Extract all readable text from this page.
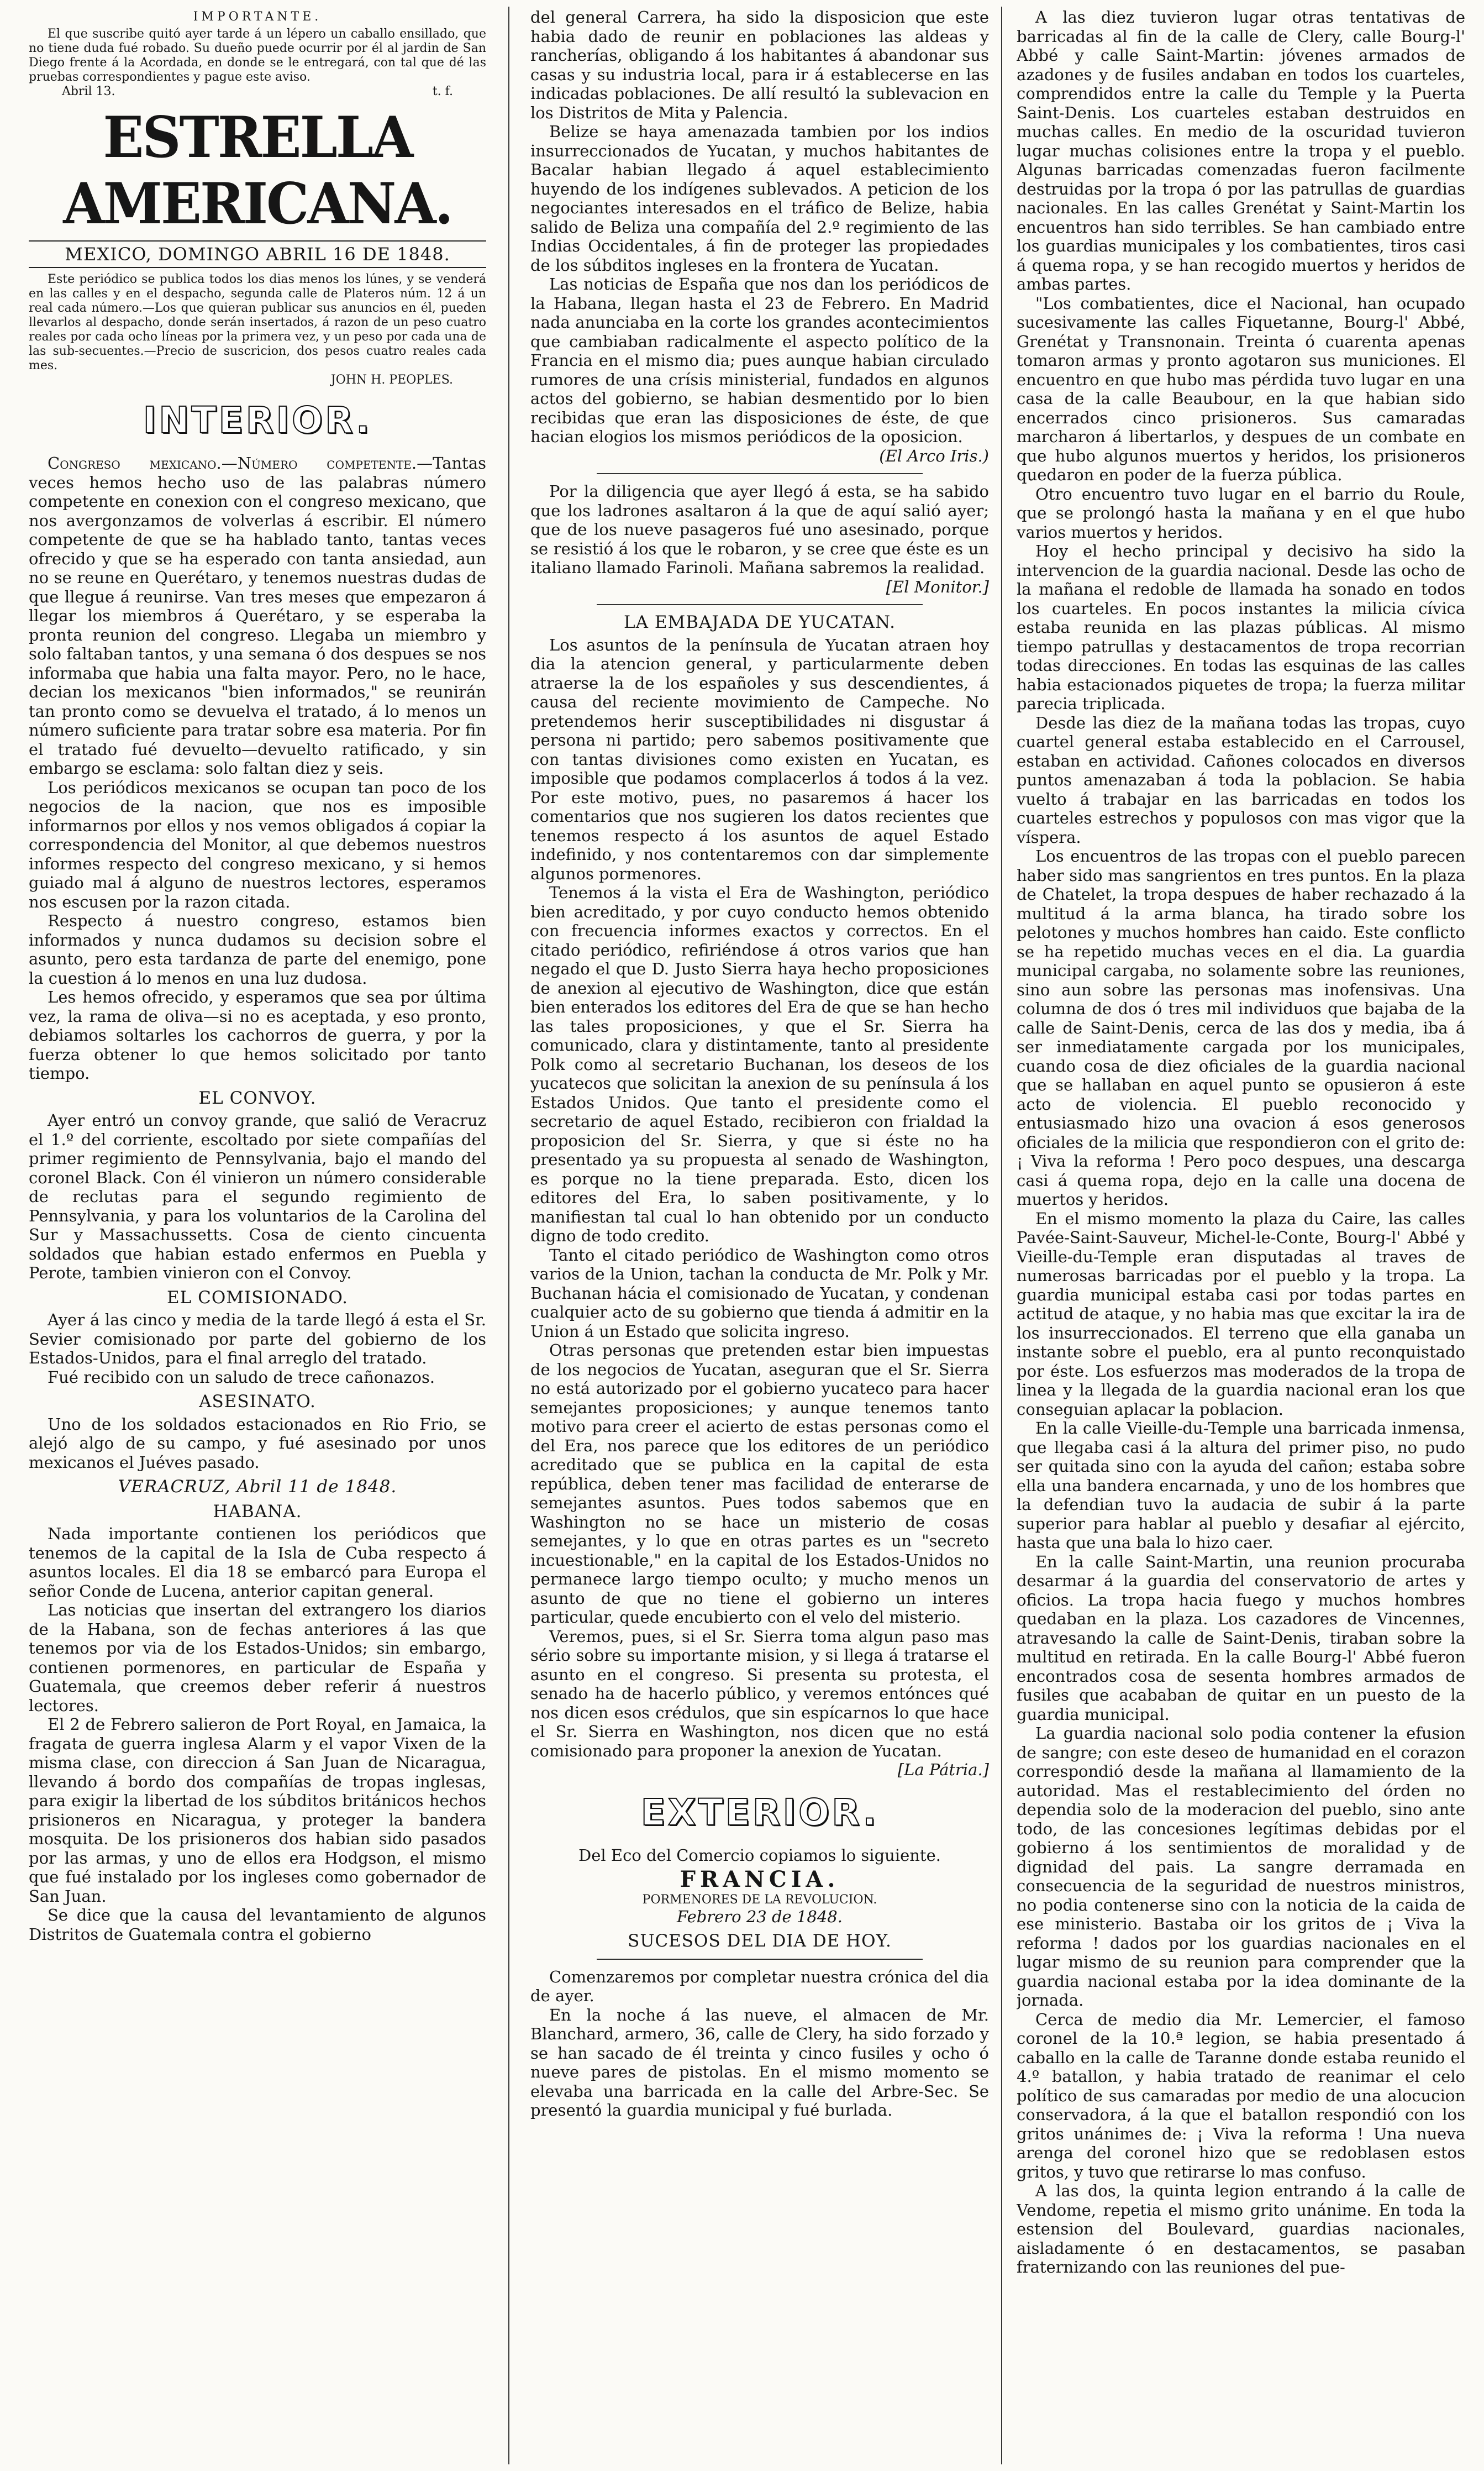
IMPORTANTE.

El que suscribe quitó ayer tarde á un lépero un caballo ensillado, que no tiene duda fué robado. Su dueño puede ocurrir por él al jardin de San Diego frente á la Acordada, en donde se le entregará, con tal que dé las pruebas correspondientes y pague este aviso.

Abril 13.	t. f.
ESTRELLA AMERICANA.
MEXICO, DOMINGO ABRIL 16 DE 1848.

Este periódico se publica todos los dias menos los lúnes, y se venderá en las calles y en el despacho, segunda calle de Plateros núm. 12 á un real cada número.—Los que quieran publicar sus anuncios en él, pueden llevarlos al despacho, donde serán insertados, á razon de un peso cuatro reales por cada ocho líneas por la primera vez, y un peso por cada una de las sub-secuentes.—Precio de suscricion, dos pesos cuatro reales cada mes.

JOHN H. PEOPLES.
INTERIOR.

Congreso mexicano.—Número competente.—Tantas veces hemos hecho uso de las palabras número competente en conexion con el congreso mexicano, que nos avergonzamos de volverlas á escribir. El número competente de que se ha hablado tanto, tantas veces ofrecido y que se ha esperado con tanta ansiedad, aun no se reune en Querétaro, y tenemos nuestras dudas de que llegue á reunirse. Van tres meses que empezaron á llegar los miembros á Querétaro, y se esperaba la pronta reunion del congreso. Llegaba un miembro y solo faltaban tantos, y una semana ó dos despues se nos informaba que habia una falta mayor. Pero, no le hace, decian los mexicanos "bien informados," se reunirán tan pronto como se devuelva el tratado, á lo menos un número suficiente para tratar sobre esa materia. Por fin el tratado fué devuelto—devuelto ratificado, y sin embargo se esclama: solo faltan diez y seis.

Los periódicos mexicanos se ocupan tan poco de los negocios de la nacion, que nos es imposible informarnos por ellos y nos vemos obligados á copiar la correspondencia del Monitor, al que debemos nuestros informes respecto del congreso mexicano, y si hemos guiado mal á alguno de nuestros lectores, esperamos nos escusen por la razon citada.

Respecto á nuestro congreso, estamos bien informados y nunca dudamos su decision sobre el asunto, pero esta tardanza de parte del enemigo, pone la cuestion á lo menos en una luz dudosa.

Les hemos ofrecido, y esperamos que sea por última vez, la rama de oliva—si no es aceptada, y eso pronto, debiamos soltarles los cachorros de guerra, y por la fuerza obtener lo que hemos solicitado por tanto tiempo.

EL CONVOY.

Ayer entró un convoy grande, que salió de Veracruz el 1.º del corriente, escoltado por siete compañías del primer regimiento de Pennsylvania, bajo el mando del coronel Black. Con él vinieron un número considerable de reclutas para el segundo regimiento de Pennsylvania, y para los voluntarios de la Carolina del Sur y Massachussetts. Cosa de ciento cincuenta soldados que habian estado enfermos en Puebla y Perote, tambien vinieron con el Convoy.

EL COMISIONADO.

Ayer á las cinco y media de la tarde llegó á esta el Sr. Sevier comisionado por parte del gobierno de los Estados-Unidos, para el final arreglo del tratado.

Fué recibido con un saludo de trece cañonazos.

ASESINATO.

Uno de los soldados estacionados en Rio Frio, se alejó algo de su campo, y fué asesinado por unos mexicanos el Juéves pasado.

VERACRUZ, Abril 11 de 1848.

HABANA.

Nada importante contienen los periódicos que tenemos de la capital de la Isla de Cuba respecto á asuntos locales. El dia 18 se embarcó para Europa el señor Conde de Lucena, anterior capitan general.

Las noticias que insertan del extrangero los diarios de la Habana, son de fechas anteriores á las que tenemos por via de los Estados-Unidos; sin embargo, contienen pormenores, en particular de España y Guatemala, que creemos deber referir á nuestros lectores.

El 2 de Febrero salieron de Port Royal, en Jamaica, la fragata de guerra inglesa Alarm y el vapor Vixen de la misma clase, con direccion á San Juan de Nicaragua, llevando á bordo dos compañías de tropas inglesas, para exigir la libertad de los súbditos británicos hechos prisioneros en Nicaragua, y proteger la bandera mosquita. De los prisioneros dos habian sido pasados por las armas, y uno de ellos era Hodgson, el mismo que fué instalado por los ingleses como gobernador de San Juan.

Se dice que la causa del levantamiento de algunos Distritos de Guatemala contra el gobierno

del general Carrera, ha sido la disposicion que este habia dado de reunir en poblaciones las aldeas y rancherías, obligando á los habitantes á abandonar sus casas y su industria local, para ir á establecerse en las indicadas poblaciones. De allí resultó la sublevacion en los Distritos de Mita y Palencia.

Belize se haya amenazada tambien por los indios insurreccionados de Yucatan, y muchos habitantes de Bacalar habian llegado á aquel establecimiento huyendo de los indígenes sublevados. A peticion de los negociantes interesados en el tráfico de Belize, habia salido de Beliza una compañía del 2.º regimiento de las Indias Occidentales, á fin de proteger las propiedades de los súbditos ingleses en la frontera de Yucatan.

Las noticias de España que nos dan los periódicos de la Habana, llegan hasta el 23 de Febrero. En Madrid nada anunciaba en la corte los grandes acontecimientos que cambiaban radicalmente el aspecto político de la Francia en el mismo dia; pues aunque habian circulado rumores de una crísis ministerial, fundados en algunos actos del gobierno, se habian desmentido por lo bien recibidas que eran las disposiciones de éste, de que hacian elogios los mismos periódicos de la oposicion.

(El Arco Iris.)

Por la diligencia que ayer llegó á esta, se ha sabido que los ladrones asaltaron á la que de aquí salió ayer; que de los nueve pasageros fué uno asesinado, porque se resistió á los que le robaron, y se cree que éste es un italiano llamado Farinoli. Mañana sabremos la realidad.

[El Monitor.]

LA EMBAJADA DE YUCATAN.

Los asuntos de la península de Yucatan atraen hoy dia la atencion general, y particularmente deben atraerse la de los españoles y sus descendientes, á causa del reciente movimiento de Campeche. No pretendemos herir susceptibilidades ni disgustar á persona ni partido; pero sabemos positivamente que con tantas divisiones como existen en Yucatan, es imposible que podamos complacerlos á todos á la vez. Por este motivo, pues, no pasaremos á hacer los comentarios que nos sugieren los datos recientes que tenemos respecto á los asuntos de aquel Estado indefinido, y nos contentaremos con dar simplemente algunos pormenores.

Tenemos á la vista el Era de Washington, periódico bien acreditado, y por cuyo conducto hemos obtenido con frecuencia informes exactos y correctos. En el citado periódico, refiriéndose á otros varios que han negado el que D. Justo Sierra haya hecho proposiciones de anexion al ejecutivo de Washington, dice que están bien enterados los editores del Era de que se han hecho las tales proposiciones, y que el Sr. Sierra ha comunicado, clara y distintamente, tanto al presidente Polk como al secretario Buchanan, los deseos de los yucatecos que solicitan la anexion de su península á los Estados Unidos. Que tanto el presidente como el secretario de aquel Estado, recibieron con frialdad la proposicion del Sr. Sierra, y que si éste no ha presentado ya su propuesta al senado de Washington, es porque no la tiene preparada. Esto, dicen los editores del Era, lo saben positivamente, y lo manifiestan tal cual lo han obtenido por un conducto digno de todo credito.

Tanto el citado periódico de Washington como otros varios de la Union, tachan la conducta de Mr. Polk y Mr. Buchanan hácia el comisionado de Yucatan, y condenan cualquier acto de su gobierno que tienda á admitir en la Union á un Estado que solicita ingreso.

Otras personas que pretenden estar bien impuestas de los negocios de Yucatan, aseguran que el Sr. Sierra no está autorizado por el gobierno yucateco para hacer semejantes proposiciones; y aunque tenemos tanto motivo para creer el acierto de estas personas como el del Era, nos parece que los editores de un periódico acreditado que se publica en la capital de esta república, deben tener mas facilidad de enterarse de semejantes asuntos. Pues todos sabemos que en Washington no se hace un misterio de cosas semejantes, y lo que en otras partes es un "secreto incuestionable," en la capital de los Estados-Unidos no permanece largo tiempo oculto; y mucho menos un asunto de que no tiene el gobierno un interes particular, quede encubierto con el velo del misterio.

Veremos, pues, si el Sr. Sierra toma algun paso mas sério sobre su importante mision, y si llega á tratarse el asunto en el congreso. Si presenta su protesta, el senado ha de hacerlo público, y veremos entónces qué nos dicen esos crédulos, que sin espícarnos lo que hace el Sr. Sierra en Washington, nos dicen que no está comisionado para proponer la anexion de Yucatan.

[La Pátria.]

EXTERIOR.

Del Eco del Comercio copiamos lo siguiente.

FRANCIA.

PORMENORES DE LA REVOLUCION.

Febrero 23 de 1848.

SUCESOS DEL DIA DE HOY.

Comenzaremos por completar nuestra crónica del dia de ayer.

En la noche á las nueve, el almacen de Mr. Blanchard, armero, 36, calle de Clery, ha sido forzado y se han sacado de él treinta y cinco fusiles y ocho ó nueve pares de pistolas. En el mismo momento se elevaba una barricada en la calle del Arbre-Sec. Se presentó la guardia municipal y fué burlada.

A las diez tuvieron lugar otras tentativas de barricadas al fin de la calle de Clery, calle Bourg-l' Abbé y calle Saint-Martin: jóvenes armados de azadones y de fusiles andaban en todos los cuarteles, comprendidos entre la calle du Temple y la Puerta Saint-Denis. Los cuarteles estaban destruidos en muchas calles. En medio de la oscuridad tuvieron lugar muchas colisiones entre la tropa y el pueblo. Algunas barricadas comenzadas fueron facilmente destruidas por la tropa ó por las patrullas de guardias nacionales. En las calles Grenétat y Saint-Martin los encuentros han sido terribles. Se han cambiado entre los guardias municipales y los combatientes, tiros casi á quema ropa, y se han recogido muertos y heridos de ambas partes.

"Los combatientes, dice el Nacional, han ocupado sucesivamente las calles Fiquetanne, Bourg-l' Abbé, Grenétat y Transnonain. Treinta ó cuarenta apenas tomaron armas y pronto agotaron sus municiones. El encuentro en que hubo mas pérdida tuvo lugar en una casa de la calle Beaubour, en la que habian sido encerrados cinco prisioneros. Sus camaradas marcharon á libertarlos, y despues de un combate en que hubo algunos muertos y heridos, los prisioneros quedaron en poder de la fuerza pública.

Otro encuentro tuvo lugar en el barrio du Roule, que se prolongó hasta la mañana y en el que hubo varios muertos y heridos.

Hoy el hecho principal y decisivo ha sido la intervencion de la guardia nacional. Desde las ocho de la mañana el redoble de llamada ha sonado en todos los cuarteles. En pocos instantes la milicia cívica estaba reunida en las plazas públicas. Al mismo tiempo patrullas y destacamentos de tropa recorrian todas direcciones. En todas las esquinas de las calles habia estacionados piquetes de tropa; la fuerza militar parecia triplicada.

Desde las diez de la mañana todas las tropas, cuyo cuartel general estaba establecido en el Carrousel, estaban en actividad. Cañones colocados en diversos puntos amenazaban á toda la poblacion. Se habia vuelto á trabajar en las barricadas en todos los cuarteles estrechos y populosos con mas vigor que la víspera.

Los encuentros de las tropas con el pueblo parecen haber sido mas sangrientos en tres puntos. En la plaza de Chatelet, la tropa despues de haber rechazado á la multitud á la arma blanca, ha tirado sobre los pelotones y muchos hombres han caido. Este conflicto se ha repetido muchas veces en el dia. La guardia municipal cargaba, no solamente sobre las reuniones, sino aun sobre las personas mas inofensivas. Una columna de dos ó tres mil individuos que bajaba de la calle de Saint-Denis, cerca de las dos y media, iba á ser inmediatamente cargada por los municipales, cuando cosa de diez oficiales de la guardia nacional que se hallaban en aquel punto se opusieron á este acto de violencia. El pueblo reconocido y entusiasmado hizo una ovacion á esos generosos oficiales de la milicia que respondieron con el grito de: ¡ Viva la reforma ! Pero poco despues, una descarga casi á quema ropa, dejo en la calle una docena de muertos y heridos.

En el mismo momento la plaza du Caire, las calles Pavée-Saint-Sauveur, Michel-le-Conte, Bourg-l' Abbé y Vieille-du-Temple eran disputadas al traves de numerosas barricadas por el pueblo y la tropa. La guardia municipal estaba casi por todas partes en actitud de ataque, y no habia mas que excitar la ira de los insurreccionados. El terreno que ella ganaba un instante sobre el pueblo, era al punto reconquistado por éste. Los esfuerzos mas moderados de la tropa de linea y la llegada de la guardia nacional eran los que conseguian aplacar la poblacion.

En la calle Vieille-du-Temple una barricada inmensa, que llegaba casi á la altura del primer piso, no pudo ser quitada sino con la ayuda del cañon; estaba sobre ella una bandera encarnada, y uno de los hombres que la defendian tuvo la audacia de subir á la parte superior para hablar al pueblo y desafiar al ejército, hasta que una bala lo hizo caer.

En la calle Saint-Martin, una reunion procuraba desarmar á la guardia del conservatorio de artes y oficios. La tropa hacia fuego y muchos hombres quedaban en la plaza. Los cazadores de Vincennes, atravesando la calle de Saint-Denis, tiraban sobre la multitud en retirada. En la calle Bourg-l' Abbé fueron encontrados cosa de sesenta hombres armados de fusiles que acababan de quitar en un puesto de la guardia municipal.

La guardia nacional solo podia contener la efusion de sangre; con este deseo de humanidad en el corazon correspondió desde la mañana al llamamiento de la autoridad. Mas el restablecimiento del órden no dependia solo de la moderacion del pueblo, sino ante todo, de las concesiones legítimas debidas por el gobierno á los sentimientos de moralidad y de dignidad del pais. La sangre derramada en consecuencia de la seguridad de nuestros ministros, no podia contenerse sino con la noticia de la caida de ese ministerio. Bastaba oir los gritos de ¡ Viva la reforma ! dados por los guardias nacionales en el lugar mismo de su reunion para comprender que la guardia nacional estaba por la idea dominante de la jornada.

Cerca de medio dia Mr. Lemercier, el famoso coronel de la 10.ª legion, se habia presentado á caballo en la calle de Taranne donde estaba reunido el 4.º batallon, y habia tratado de reanimar el celo político de sus camaradas por medio de una alocucion conservadora, á la que el batallon respondió con los gritos unánimes de: ¡ Viva la reforma ! Una nueva arenga del coronel hizo que se redoblasen estos gritos, y tuvo que retirarse lo mas confuso.

A las dos, la quinta legion entrando á la calle de Vendome, repetia el mismo grito unánime. En toda la estension del Boulevard, guardias nacionales, aisladamente ó en destacamentos, se pasaban fraternizando con las reuniones del pue-
